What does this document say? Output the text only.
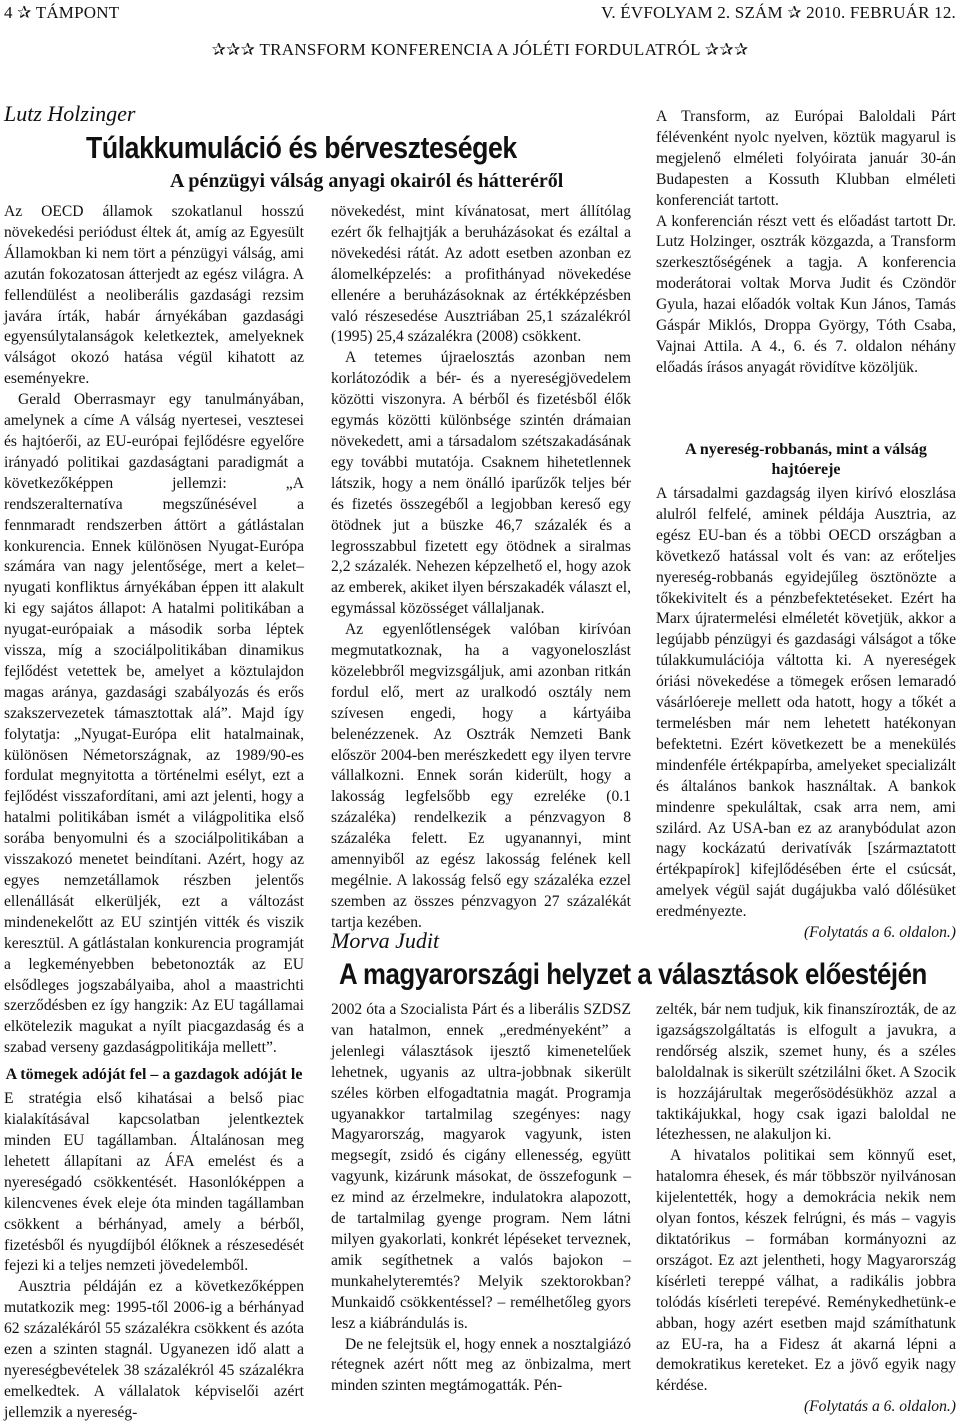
4 ✰ TÁMPONT	V. ÉVFOLYAM 2. SZÁM ✰ 2010. FEBRUÁR 12.
✰✰✰ TRANSFORM KONFERENCIA A JÓLÉTI FORDULATRÓL ✰✰✰
Lutz Holzinger
Túlakkumuláció és bérveszteségek
A pénzügyi válság anyagi okairól és hátteréről

Az OECD államok szokatlanul hosszú növekedési periódust éltek át, amíg az Egyesült Államokban ki nem tört a pénzügyi válság, ami azután fokozatosan átterjedt az egész világra. A fellendülést a neoliberális gazdasági rezsim javára írták, habár árnyékában gazdasági egyensúlytalanságok keletkeztek, amelyeknek válságot okozó hatása végül kihatott az eseményekre.

Gerald Oberrasmayr egy tanulmányában, amelynek a címe A válság nyertesei, vesztesei és hajtóerői, az EU-európai fejlődésre egyelőre irányadó politikai gazdaságtani paradigmát a következőképpen jellemzi: „A rendszeralternatíva megszűnésével a fennmaradt rendszerben áttört a gátlástalan konkurencia. Ennek különösen Nyugat-Európa számára van nagy jelentősége, mert a kelet–nyugati konfliktus árnyékában éppen itt alakult ki egy sajátos állapot: A hatalmi politikában a nyugat-európaiak a második sorba léptek vissza, míg a szociálpolitikában dinamikus fejlődést vetettek be, amelyet a köztulajdon magas aránya, gazdasági szabályozás és erős szakszervezetek támasztottak alá”. Majd így folytatja: „Nyugat-Európa elit hatalmainak, különösen Németországnak, az 1989/90-es fordulat megnyitotta a történelmi esélyt, ezt a fejlődést visszafordítani, ami azt jelenti, hogy a hatalmi politikában ismét a világpolitika első sorába benyomulni és a szociálpolitikában a visszakozó menetet beindítani. Azért, hogy az egyes nemzetállamok részben jelentős ellenállását elkerüljék, ezt a változást mindenekelőtt az EU szintjén vitték és viszik keresztül. A gátlástalan konkurencia programját a legkeményebben bebetonozták az EU elsődleges jogszabályaiba, ahol a maastrichti szerződésben ez így hangzik: Az EU tagállamai elkötelezik magukat a nyílt piacgazdaság és a szabad verseny gazdaságpolitikája mellett”.

A tömegek adóját fel – a gazdagok adóját le

E stratégia első kihatásai a belső piac kialakításával kapcsolatban jelentkeztek minden EU tagállamban. Általánosan meg lehetett állapítani az ÁFA emelést és a nyereségadó csökkentését. Hasonlóképpen a kilencvenes évek eleje óta minden tagállamban csökkent a bérhányad, amely a bérből, fizetésből és nyugdíjból élőknek a részesedését fejezi ki a teljes nemzeti jövedelemből.

Ausztria példáján ez a következőképpen mutatkozik meg: 1995-től 2006-ig a bérhányad 62 százalékáról 55 százalékra csökkent és azóta ezen a szinten stagnál. Ugyanezen idő alatt a nyereségbevételek 38 százalékról 45 százalékra emelkedtek. A vállalatok képviselői azért jellemzik a nyereség-

növekedést, mint kívánatosat, mert állítólag ezért ők felhajtják a beruházásokat és ezáltal a növekedési rátát. Az adott esetben azonban ez álomelképzelés: a profithányad növekedése ellenére a beruházásoknak az értékképzésben való részesedése Ausztriában 25,1 százalékról (1995) 25,4 százalékra (2008) csökkent.

A tetemes újraelosztás azonban nem korlátozódik a bér- és a nyereségjövedelem közötti viszonyra. A bérből és fizetésből élők egymás közötti különbsége szintén drámaian növekedett, ami a társadalom szétszakadásának egy további mutatója. Csaknem hihetetlennek látszik, hogy a nem önálló iparűzők teljes bér és fizetés összegéből a legjobban kereső egy ötödnek jut a büszke 46,7 százalék és a legrosszabbul fizetett egy ötödnek a siralmas 2,2 százalék. Nehezen képzelhető el, hogy azok az emberek, akiket ilyen bérszakadék választ el, egymással közösséget vállaljanak.

Az egyenlőtlenségek valóban kirívóan megmutatkoznak, ha a vagyoneloszlást közelebbről megvizsgáljuk, ami azonban ritkán fordul elő, mert az uralkodó osztály nem szívesen engedi, hogy a kártyáiba belenézzenek. Az Osztrák Nemzeti Bank először 2004-ben merészkedett egy ilyen tervre vállalkozni. Ennek során kiderült, hogy a lakosság legfelsőbb egy ezreléke (0.1 százaléka) rendelkezik a pénzvagyon 8 százaléka felett. Ez ugyanannyi, mint amennyiből az egész lakosság felének kell megélnie. A lakosság felső egy százaléka ezzel szemben az összes pénzvagyon 27 százalékát tartja kezében.

A Transform, az Európai Baloldali Párt félévenként nyolc nyelven, köztük magyarul is megjelenő elméleti folyóirata január 30-án Budapesten a Kossuth Klubban elméleti konferenciát tartott.

A konferencián részt vett és előadást tartott Dr. Lutz Holzinger, osztrák közgazda, a Transform szerkesztőségének a tagja. A konferencia moderátorai voltak Morva Judit és Czöndör Gyula, hazai előadók voltak Kun János, Tamás Gáspár Miklós, Droppa György, Tóth Csaba, Vajnai Attila. A 4., 6. és 7. oldalon néhány előadás írásos anyagát rövidítve közöljük.

A nyereség-robbanás, mint a válság hajtóereje

A társadalmi gazdagság ilyen kirívó eloszlása alulról felfelé, aminek példája Ausztria, az egész EU-ban és a többi OECD országban a következő hatással volt és van: az erőteljes nyereség-robbanás egyidejűleg ösztönözte a tőkekivitelt és a pénzbefektetéseket. Ezért ha Marx újratermelési elméletét követjük, akkor a legújabb pénzügyi és gazdasági válságot a tőke túlakkumulációja váltotta ki. A nyereségek óriási növekedése a tömegek erősen lemaradó vásárlóereje mellett oda hatott, hogy a tőkét a termelésben már nem lehetett hatékonyan befektetni. Ezért következett be a menekülés mindenféle értékpapírba, amelyeket specializált és általános bankok használtak. A bankok mindenre spekuláltak, csak arra nem, ami szilárd. Az USA-ban ez az aranybódulat azon nagy kockázatú derivatívák [származtatott értékpapírok] kifejlődésében érte el csúcsát, amelyek végül saját dugájukba való dőlésüket eredményezte.

(Folytatás a 6. oldalon.)
Morva Judit
A magyarországi helyzet a választások előestéjén

2002 óta a Szocialista Párt és a liberális SZDSZ van hatalmon, ennek „eredményeként” a jelenlegi választások ijesztő kimenetelűek lehetnek, ugyanis az ultra-jobbnak sikerült széles körben elfogadtatnia magát. Programja ugyanakkor tartalmilag szegényes: nagy Magyarország, magyarok vagyunk, isten megsegít, zsidó és cigány ellenesség, együtt vagyunk, kizárunk másokat, de összefogunk – ez mind az érzelmekre, indulatokra alapozott, de tartalmilag gyenge program. Nem látni milyen gyakorlati, konkrét lépéseket terveznek, amik segíthetnek a valós bajokon – munkahelyteremtés? Melyik szektorokban? Munkaidő csökkentéssel? – remélhetőleg gyors lesz a kiábrándulás is.

De ne felejtsük el, hogy ennek a nosztalgiázó rétegnek azért nőtt meg az önbizalma, mert minden szinten megtámogatták. Pén-

zelték, bár nem tudjuk, kik finanszírozták, de az igazságszolgáltatás is elfogult a javukra, a rendőrség alszik, szemet huny, és a széles baloldalnak is sikerült szétzilálni őket. A Szocik is hozzájárultak megerősödésükhöz azzal a taktikájukkal, hogy csak igazi baloldal ne létezhessen, ne alakuljon ki.

A hivatalos politikai sem könnyű eset, hatalomra éhesek, és már többször nyilvánosan kijelentették, hogy a demokrácia nekik nem olyan fontos, készek felrúgni, és más – vagyis diktatórikus – formában kormányozni az országot. Ez azt jelentheti, hogy Magyarország kísérleti tereppé válhat, a radikális jobbra tolódás kísérleti terepévé. Reménykedhetünk-e abban, hogy azért esetben majd számíthatunk az EU-ra, ha a Fidesz át akarná lépni a demokratikus kereteket. Ez a jövő egyik nagy kérdése.

(Folytatás a 6. oldalon.)
